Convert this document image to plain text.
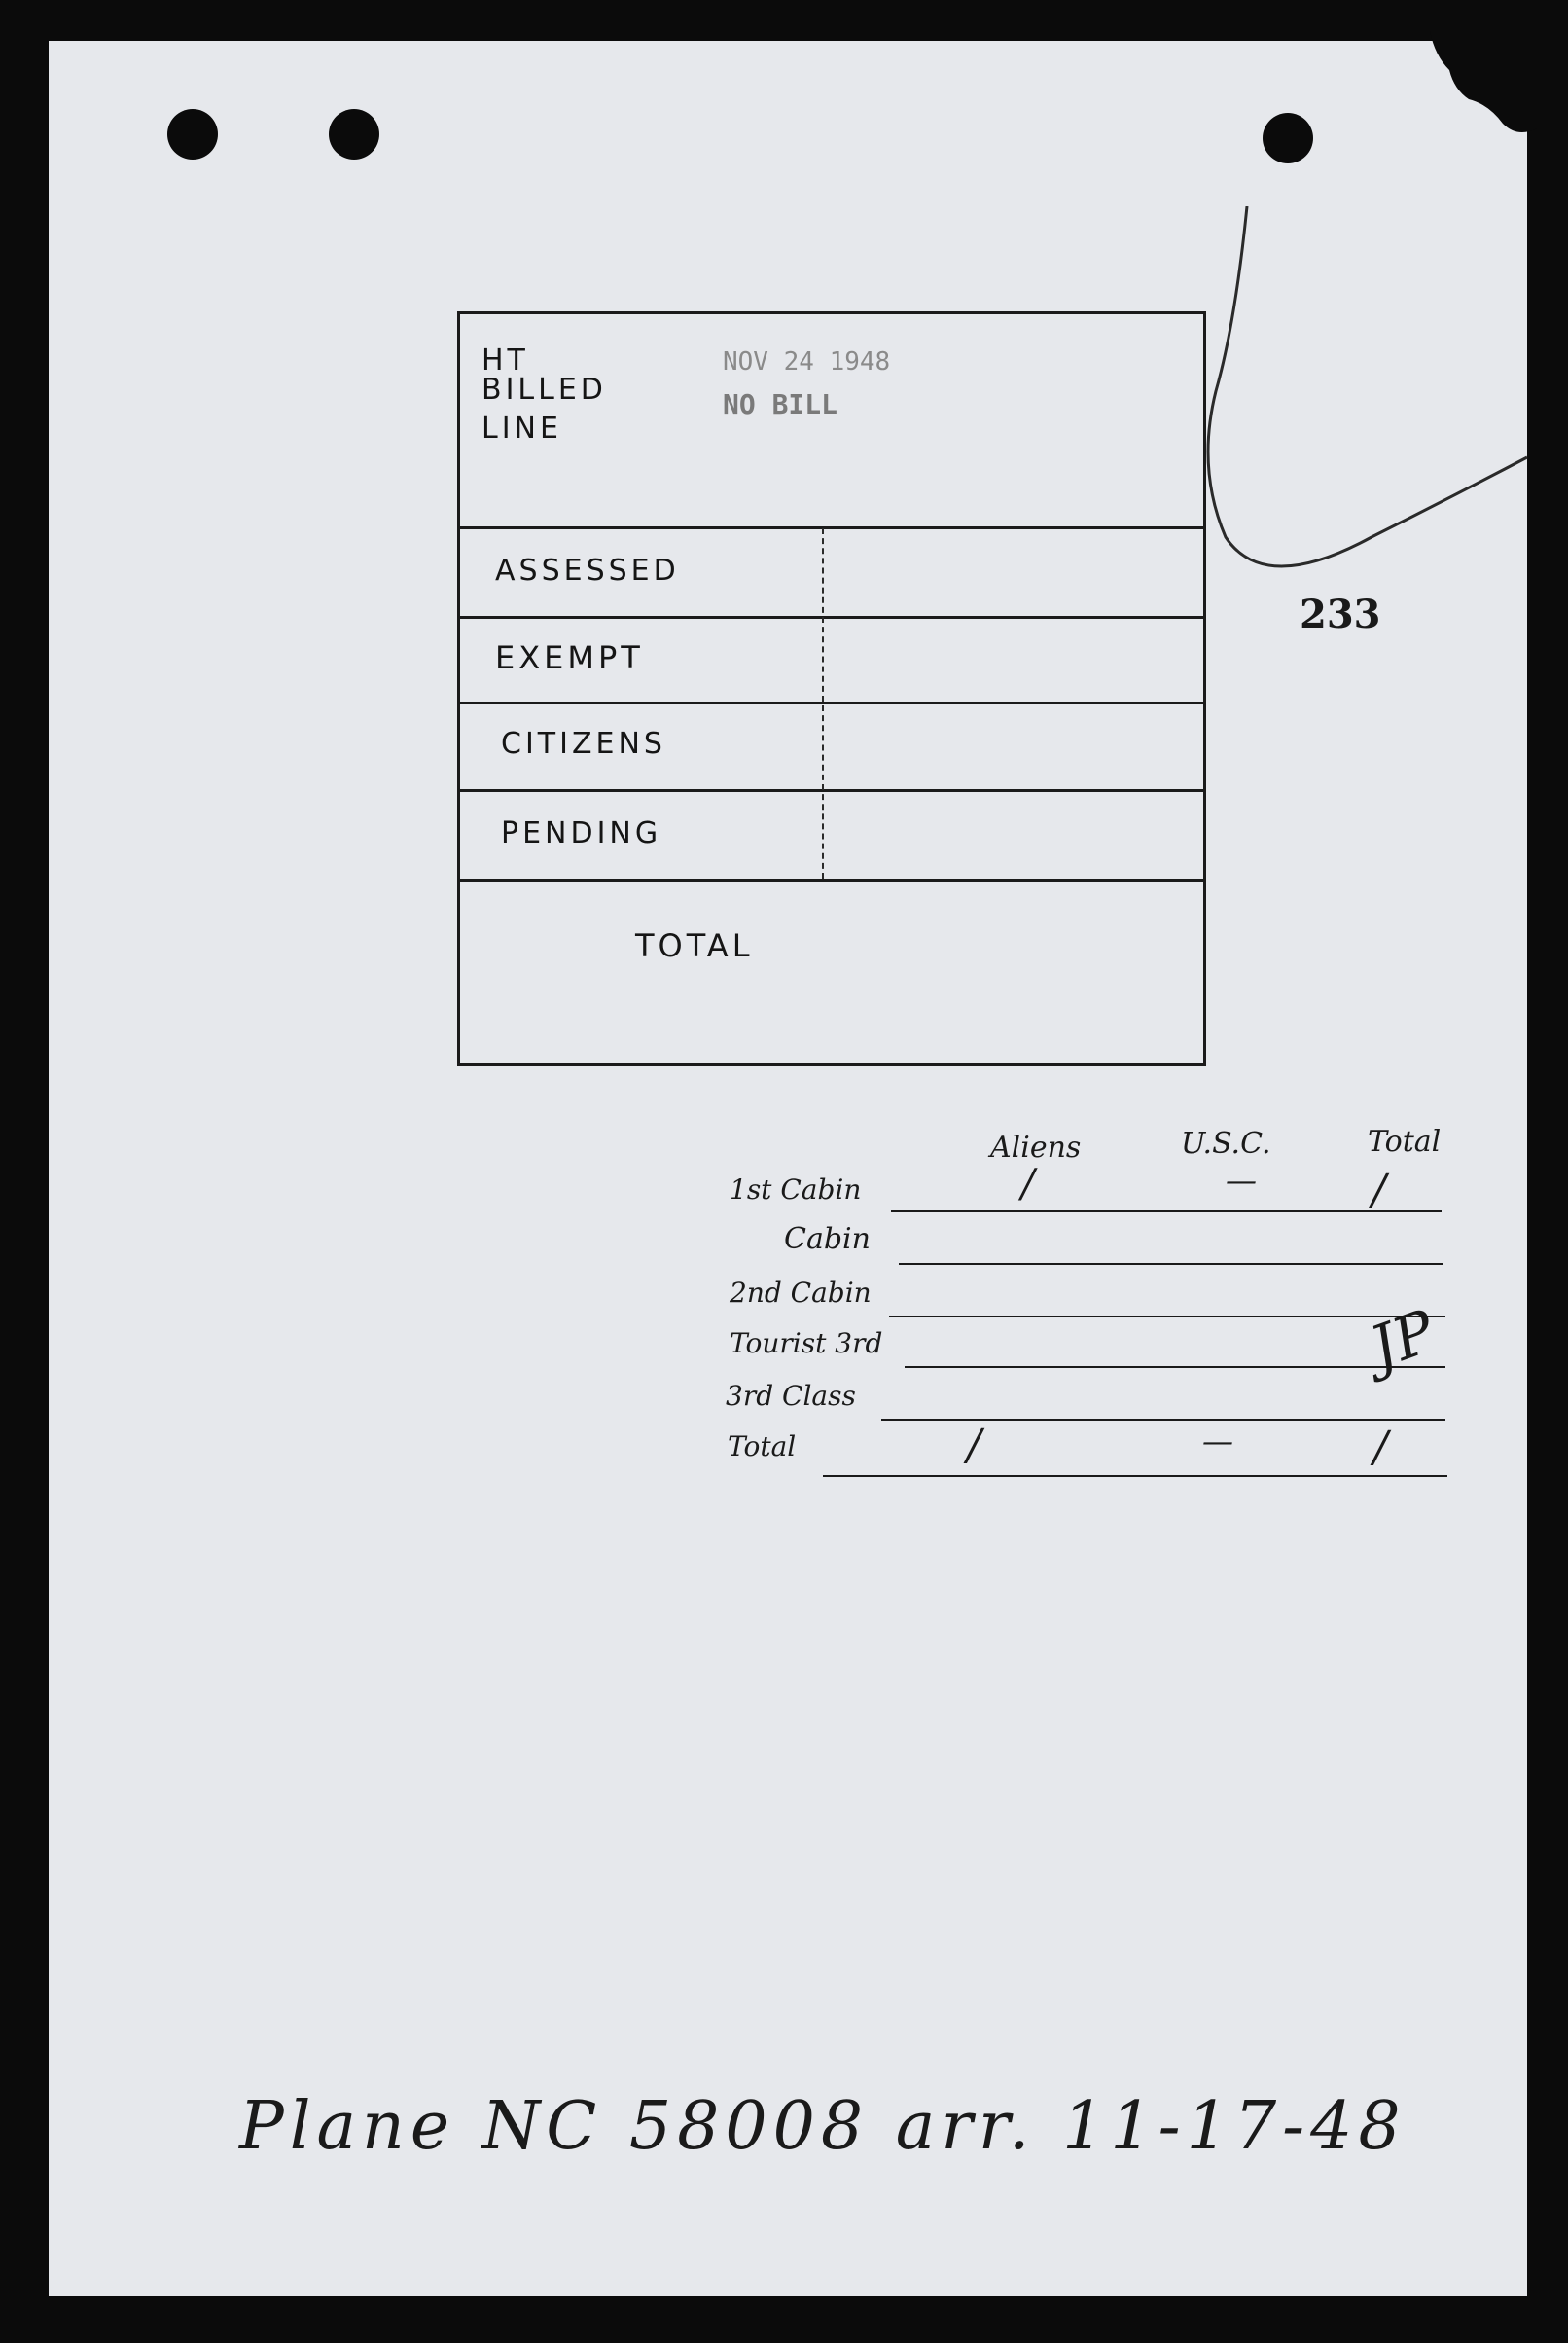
HT
BILLED
LINE
NOV 24 1948
NO BILL
ASSESSED
EXEMPT
CITIZENS
PENDING
TOTAL
233
Aliens	U.S.C.	Total
1st Cabin	/	—	/
Cabin
2nd Cabin
Tourist 3rd
3rd Class
Total	/	—	/
JP
Plane NC 58008 arr. 11-17-48
